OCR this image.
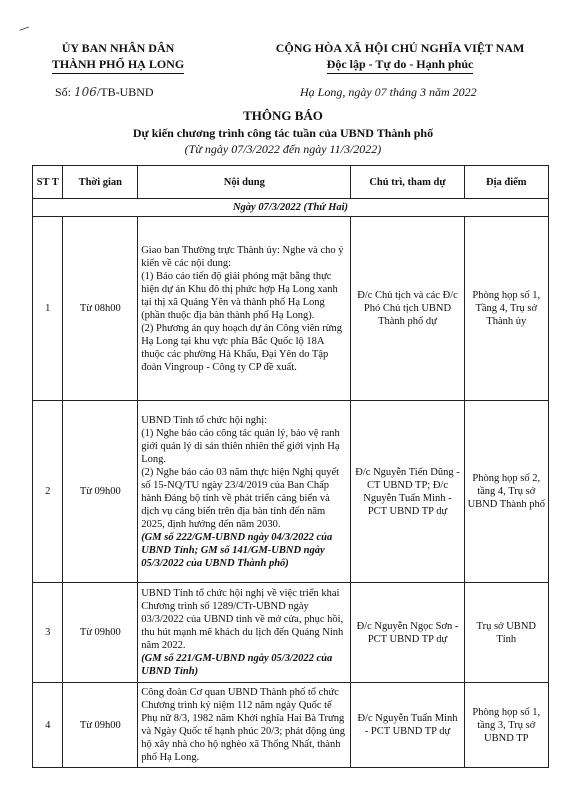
ỦY BAN NHÂN DÂN
THÀNH PHỐ HẠ LONG
CỘNG HÒA XÃ HỘI CHỦ NGHĨA VIỆT NAM
Độc lập - Tự do - Hạnh phúc
Số: 106/TB-UBND	Hạ Long, ngày 07 tháng 3 năm 2022
THÔNG BÁO
Dự kiến chương trình công tác tuần của UBND Thành phố
(Từ ngày 07/3/2022 đến ngày 11/3/2022)
ST T	Thời gian	Nội dung	Chủ trì, tham dự	Địa điểm
Ngày 07/3/2022 (Thứ Hai)				
1	Từ 08h00	Giao ban Thường trực Thành ủy: Nghe và cho ý kiến về các nội dung:
(1) Báo cáo tiến độ giải phóng mặt bằng thực hiện dự án Khu đô thị phức hợp Hạ Long xanh tại thị xã Quảng Yên và thành phố Hạ Long (phần thuộc địa bàn thành phố Hạ Long).
(2) Phương án quy hoạch dự án Công viên rừng Hạ Long tại khu vực phía Bắc Quốc lộ 18A thuộc các phường Hà Khẩu, Đại Yên do Tập đoàn Vingroup - Công ty CP đề xuất.	Đ/c Chủ tịch và các Đ/c Phó Chủ tịch UBND Thành phố dự	Phòng họp số 1, Tầng 4, Trụ sở Thành ủy
2	Từ 09h00	UBND Tỉnh tổ chức hội nghị:
(1) Nghe báo cáo công tác quản lý, bảo vệ ranh giới quản lý di sản thiên nhiên thế giới vịnh Hạ Long.
(2) Nghe báo cáo 03 năm thực hiện Nghị quyết số 15-NQ/TU ngày 23/4/2019 của Ban Chấp hành Đảng bộ tỉnh về phát triển cảng biển và dịch vụ cảng biển trên địa bàn tỉnh đến năm 2025, định hướng đến năm 2030.

(GM số 222/GM-UBND ngày 04/3/2022 của UBND Tỉnh; GM số 141/GM-UBND ngày 05/3/2022 của UBND Thành phố)	Đ/c Nguyễn Tiến Dũng - CT UBND TP; Đ/c Nguyễn Tuấn Minh - PCT UBND TP dự	Phòng họp số 2, tầng 4, Trụ sở UBND Thành phố
3	Từ 09h00	UBND Tỉnh tổ chức hội nghị về việc triển khai Chương trình số 1289/CTr-UBND ngày 03/3/2022 của UBND tỉnh về mở cửa, phục hồi, thu hút mạnh mẽ khách du lịch đến Quảng Ninh năm 2022.

(GM số 221/GM-UBND ngày 05/3/2022 của UBND Tỉnh)	Đ/c Nguyễn Ngọc Sơn - PCT UBND TP dự	Trụ sở UBND Tỉnh
4	Từ 09h00	Công đoàn Cơ quan UBND Thành phố tổ chức Chương trình kỷ niệm 112 năm ngày Quốc tế Phụ nữ 8/3, 1982 năm Khởi nghĩa Hai Bà Trưng và Ngày Quốc tế hạnh phúc 20/3; phát động ủng hộ xây nhà cho hộ nghèo xã Thống Nhất, thành phố Hạ Long.	Đ/c Nguyễn Tuấn Minh - PCT UBND TP dự	Phòng họp số 1, tầng 3, Trụ sở UBND TP
